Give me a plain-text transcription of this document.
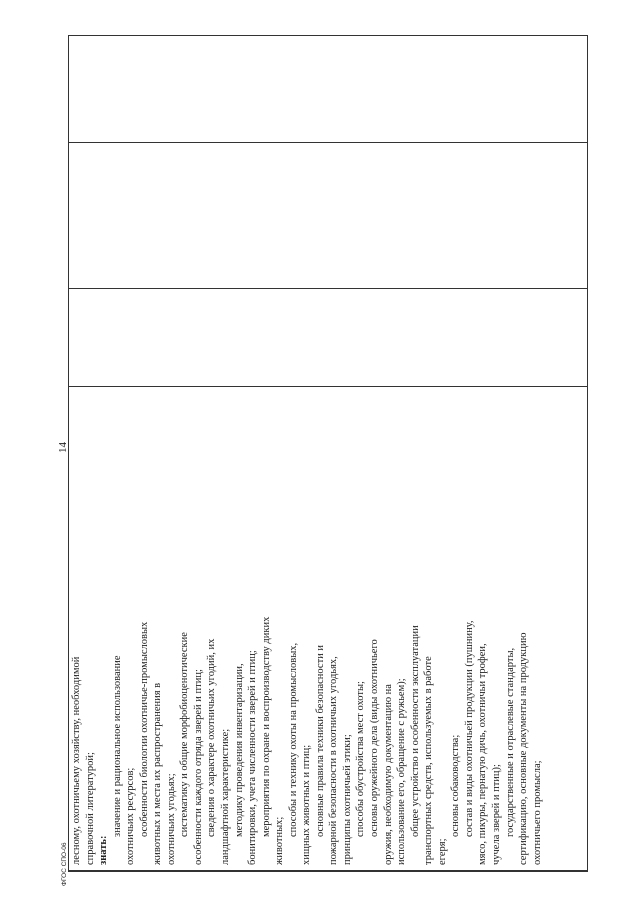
лесному, охотничьему хозяйству, необходимой справочной литературой; знать:
значение и рациональное использование охотничьих ресурсов; особенности биологии охотничье-промысловых животных и места их распространения в охотничьих угодьях; систематику и общие морфобиоценотические особенности каждого отряда зверей и птиц; сведения о характере охотничьих угодий, их ландшафтной характеристике; методику проведения инвентаризации, бонитировки, учета численности зверей и птиц; мероприятия по охране и воспроизводству диких
животных;
способы и технику охоты на промысловых, хищных животных и птиц; основные правила техники безопасности и пожарной безопасности в охотничьих угодьях, принципы охотничьей этики; способы обустройства мест охоты; основы оружейного дела (виды охотничьего оружия, необходимую документацию на использование его, обращение с ружьем); общее устройство и особенности эксплуатации транспортных средств, используемых в работе егеря;
основы собаководства; состав и виды охотничьей продукции (пушнину, мясо, пикуры, пернатую дичь, охотничьи трофеи, чучела зверей и птиц); государственные и отраслевые стандарты, сертификацию, основные документы на продукцию охотничьего промысла;
14
ФГОС СПО-06
